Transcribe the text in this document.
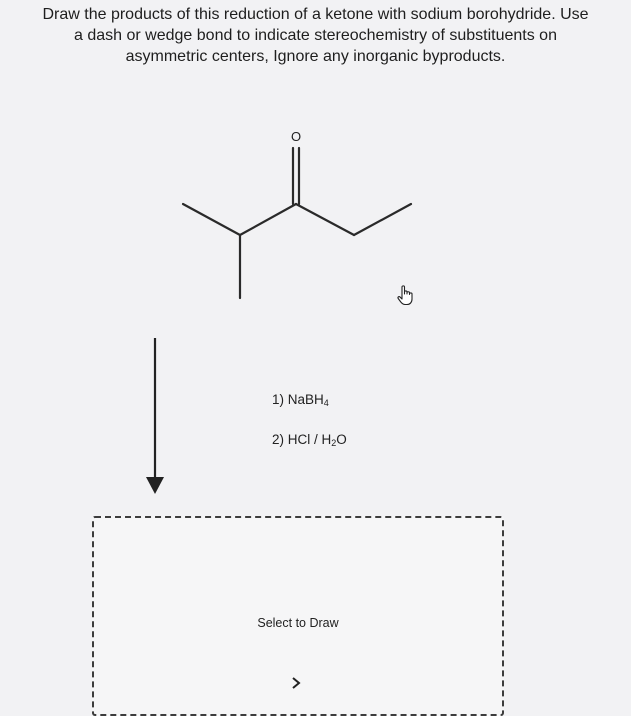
Draw the products of this reduction of a ketone with sodium borohydride. Use
a dash or wedge bond to indicate stereochemistry of substituents on
asymmetric centers, Ignore any inorganic byproducts.
O
1) NaBH$_4$
2) HCl / $H_2O$
Select to Draw
